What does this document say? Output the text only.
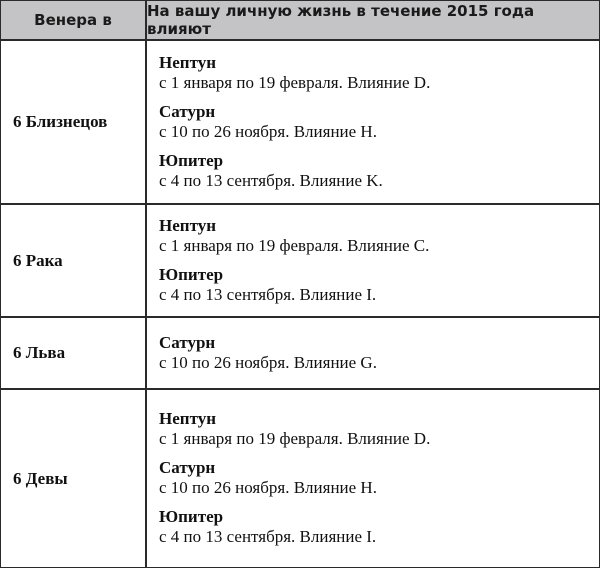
Венера в На вашу личную жизнь в течение 2015 года влияют
6 Близнецов
Нептун
с 1 января по 19 февраля. Влияние D.
Сатурн
с 10 по 26 ноября. Влияние H.
Юпитер
с 4 по 13 сентября. Влияние K.
6 Рака
Нептун
с 1 января по 19 февраля. Влияние C.
Юпитер
с 4 по 13 сентября. Влияние I.
6 Льва
Сатурн
с 10 по 26 ноября. Влияние G.
6 Девы
Нептун
с 1 января по 19 февраля. Влияние D.
Сатурн
с 10 по 26 ноября. Влияние H.
Юпитер
с 4 по 13 сентября. Влияние I.
